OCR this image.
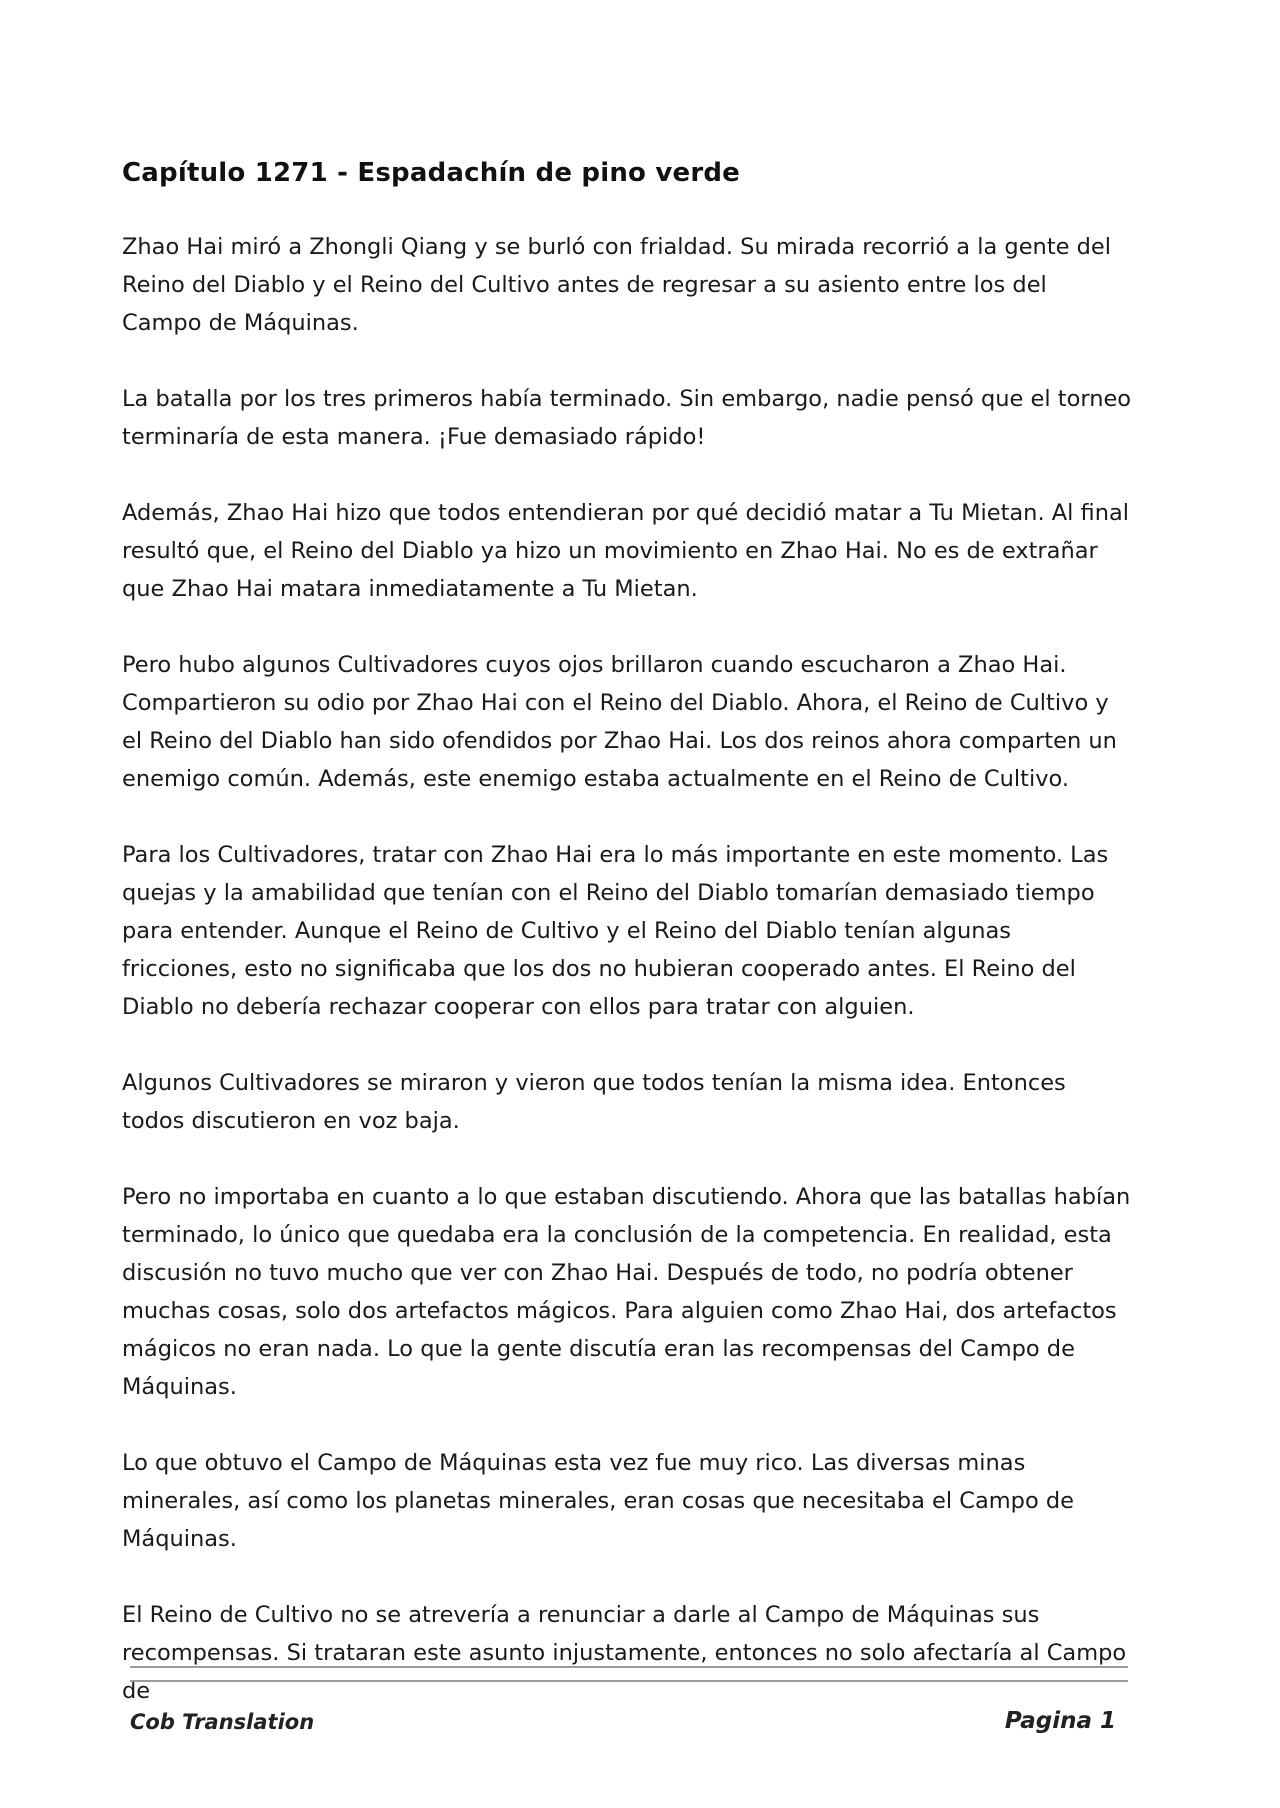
Capítulo 1271 - Espadachín de pino verde

Zhao Hai miró a Zhongli Qiang y se burló con frialdad. Su mirada recorrió a la gente del Reino del Diablo y el Reino del Cultivo antes de regresar a su asiento entre los del Campo de Máquinas.

La batalla por los tres primeros había terminado. Sin embargo, nadie pensó que el torneo terminaría de esta manera. ¡Fue demasiado rápido!

Además, Zhao Hai hizo que todos entendieran por qué decidió matar a Tu Mietan. Al final resultó que, el Reino del Diablo ya hizo un movimiento en Zhao Hai. No es de extrañar que Zhao Hai matara inmediatamente a Tu Mietan.

Pero hubo algunos Cultivadores cuyos ojos brillaron cuando escucharon a Zhao Hai. Compartieron su odio por Zhao Hai con el Reino del Diablo. Ahora, el Reino de Cultivo y el Reino del Diablo han sido ofendidos por Zhao Hai. Los dos reinos ahora comparten un enemigo común. Además, este enemigo estaba actualmente en el Reino de Cultivo.

Para los Cultivadores, tratar con Zhao Hai era lo más importante en este momento. Las quejas y la amabilidad que tenían con el Reino del Diablo tomarían demasiado tiempo para entender. Aunque el Reino de Cultivo y el Reino del Diablo tenían algunas fricciones, esto no significaba que los dos no hubieran cooperado antes. El Reino del Diablo no debería rechazar cooperar con ellos para tratar con alguien.

Algunos Cultivadores se miraron y vieron que todos tenían la misma idea. Entonces todos discutieron en voz baja.

Pero no importaba en cuanto a lo que estaban discutiendo. Ahora que las batallas habían terminado, lo único que quedaba era la conclusión de la competencia. En realidad, esta discusión no tuvo mucho que ver con Zhao Hai. Después de todo, no podría obtener muchas cosas, solo dos artefactos mágicos. Para alguien como Zhao Hai, dos artefactos mágicos no eran nada. Lo que la gente discutía eran las recompensas del Campo de Máquinas.

Lo que obtuvo el Campo de Máquinas esta vez fue muy rico. Las diversas minas minerales, así como los planetas minerales, eran cosas que necesitaba el Campo de Máquinas.

El Reino de Cultivo no se atrevería a renunciar a darle al Campo de Máquinas sus recompensas. Si trataran este asunto injustamente, entonces no solo afectaría al Campo de

Cob Translation	Pagina 1
